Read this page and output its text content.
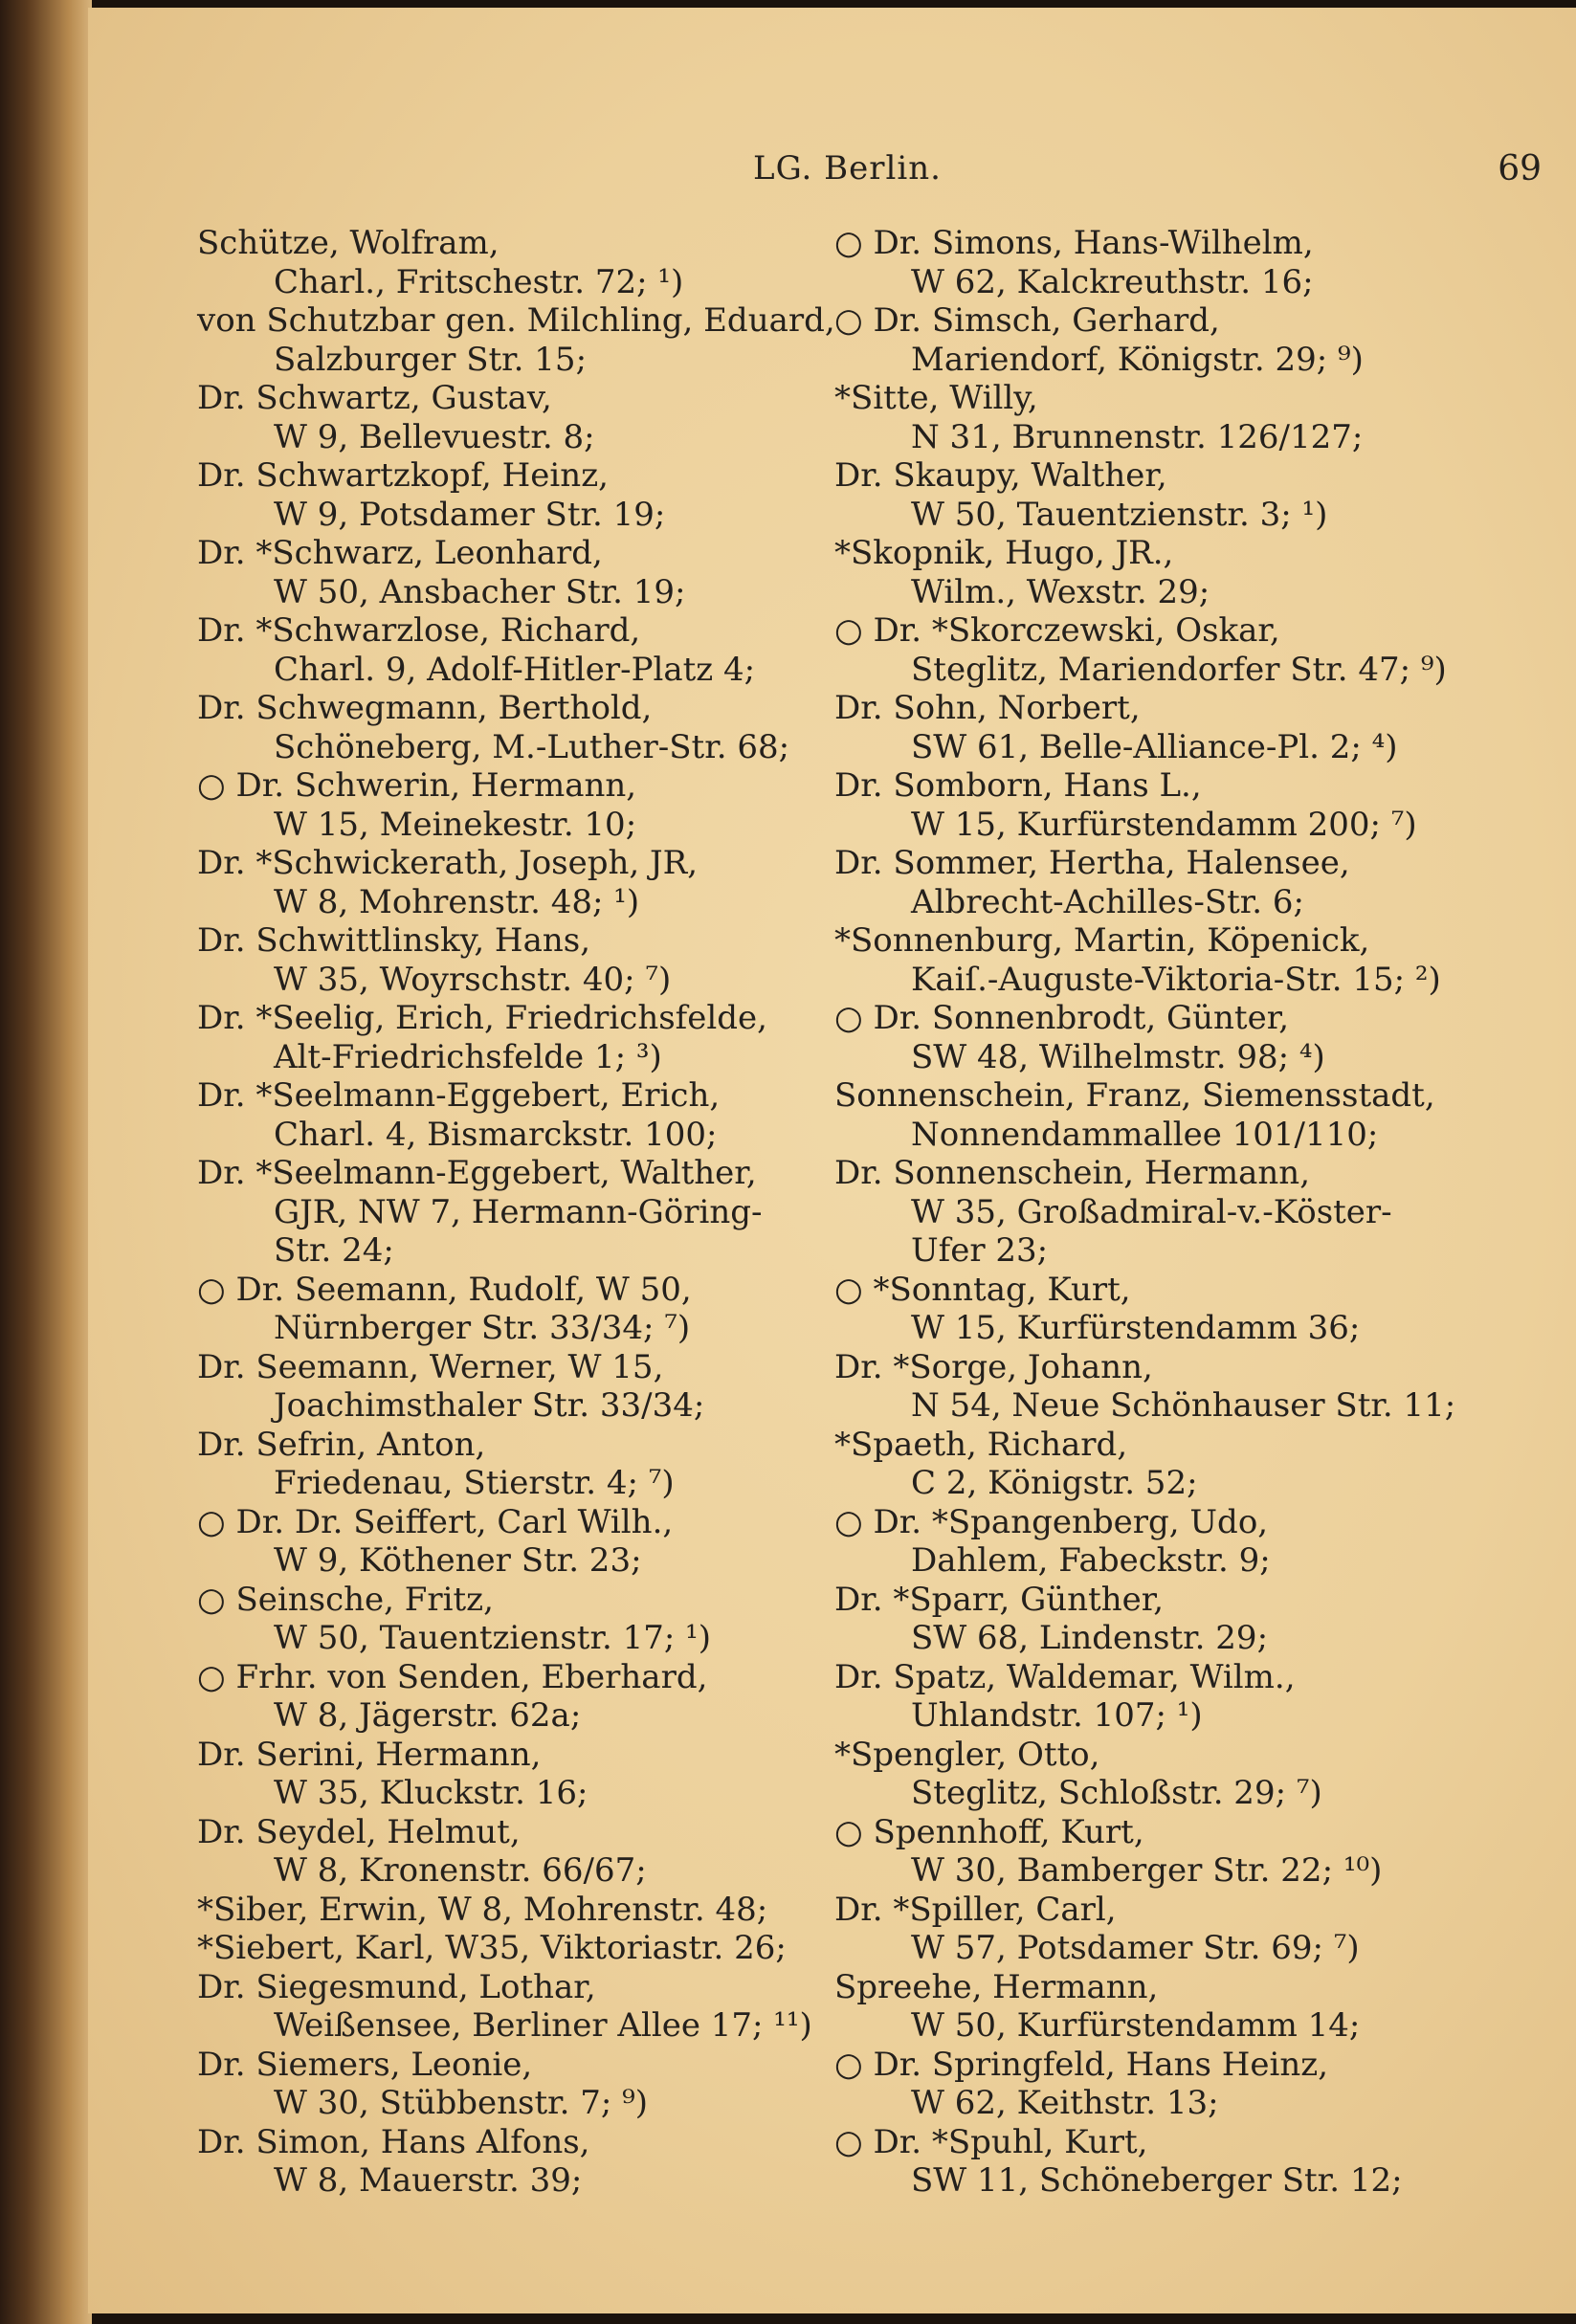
LG. Berlin.	69
Schütze, Wolfram,
Charl., Fritschestr. 72; ¹)
von Schutzbar gen. Milchling, Eduard,
Salzburger Str. 15;
Dr. Schwartz, Gustav,
W 9, Bellevuestr. 8;
Dr. Schwartzkopf, Heinz,
W 9, Potsdamer Str. 19;
Dr. *Schwarz, Leonhard,
W 50, Ansbacher Str. 19;
Dr. *Schwarzlose, Richard,
Charl. 9, Adolf-Hitler-Platz 4;
Dr. Schwegmann, Berthold,
Schöneberg, M.-Luther-Str. 68;
○ Dr. Schwerin, Hermann,
W 15, Meinekestr. 10;
Dr. *Schwickerath, Joseph, JR,
W 8, Mohrenstr. 48; ¹)
Dr. Schwittlinsky, Hans,
W 35, Woyrschstr. 40; ⁷)
Dr. *Seelig, Erich, Friedrichsfelde,
Alt-Friedrichsfelde 1; ³)
Dr. *Seelmann-Eggebert, Erich,
Charl. 4, Bismarckstr. 100;
Dr. *Seelmann-Eggebert, Walther,
GJR, NW 7, Hermann-Göring-
Str. 24;
○ Dr. Seemann, Rudolf, W 50,
Nürnberger Str. 33/34; ⁷)
Dr. Seemann, Werner, W 15,
Joachimsthaler Str. 33/34;
Dr. Sefrin, Anton,
Friedenau, Stierstr. 4; ⁷)
○ Dr. Dr. Seiffert, Carl Wilh.,
W 9, Köthener Str. 23;
○ Seinsche, Fritz,
W 50, Tauentzienstr. 17; ¹)
○ Frhr. von Senden, Eberhard,
W 8, Jägerstr. 62a;
Dr. Serini, Hermann,
W 35, Kluckstr. 16;
Dr. Seydel, Helmut,
W 8, Kronenstr. 66/67;
*Siber, Erwin, W 8, Mohrenstr. 48;
*Siebert, Karl, W35, Viktoriastr. 26;
Dr. Siegesmund, Lothar,
Weißensee, Berliner Allee 17; ¹¹)
Dr. Siemers, Leonie,
W 30, Stübbenstr. 7; ⁹)
Dr. Simon, Hans Alfons,
W 8, Mauerstr. 39;
○ Dr. Simons, Hans-Wilhelm,
W 62, Kalckreuthstr. 16;
○ Dr. Simsch, Gerhard,
Mariendorf, Königstr. 29; ⁹)
*Sitte, Willy,
N 31, Brunnenstr. 126/127;
Dr. Skaupy, Walther,
W 50, Tauentzienstr. 3; ¹)
*Skopnik, Hugo, JR.,
Wilm., Wexstr. 29;
○ Dr. *Skorczewski, Oskar,
Steglitz, Mariendorfer Str. 47; ⁹)
Dr. Sohn, Norbert,
SW 61, Belle-Alliance-Pl. 2; ⁴)
Dr. Somborn, Hans L.,
W 15, Kurfürstendamm 200; ⁷)
Dr. Sommer, Hertha, Halensee,
Albrecht-Achilles-Str. 6;
*Sonnenburg, Martin, Köpenick,
Kaiſ.-Auguste-Viktoria-Str. 15; ²)
○ Dr. Sonnenbrodt, Günter,
SW 48, Wilhelmstr. 98; ⁴)
Sonnenschein, Franz, Siemensstadt,
Nonnendammallee 101/110;
Dr. Sonnenschein, Hermann,
W 35, Großadmiral-v.-Köster-
Ufer 23;
○ *Sonntag, Kurt,
W 15, Kurfürstendamm 36;
Dr. *Sorge, Johann,
N 54, Neue Schönhauser Str. 11;
*Spaeth, Richard,
C 2, Königstr. 52;
○ Dr. *Spangenberg, Udo,
Dahlem, Fabeckstr. 9;
Dr. *Sparr, Günther,
SW 68, Lindenstr. 29;
Dr. Spatz, Waldemar, Wilm.,
Uhlandstr. 107; ¹)
*Spengler, Otto,
Steglitz, Schloßstr. 29; ⁷)
○ Spennhoff, Kurt,
W 30, Bamberger Str. 22; ¹⁰)
Dr. *Spiller, Carl,
W 57, Potsdamer Str. 69; ⁷)
Spreehe, Hermann,
W 50, Kurfürstendamm 14;
○ Dr. Springfeld, Hans Heinz,
W 62, Keithstr. 13;
○ Dr. *Spuhl, Kurt,
SW 11, Schöneberger Str. 12;
